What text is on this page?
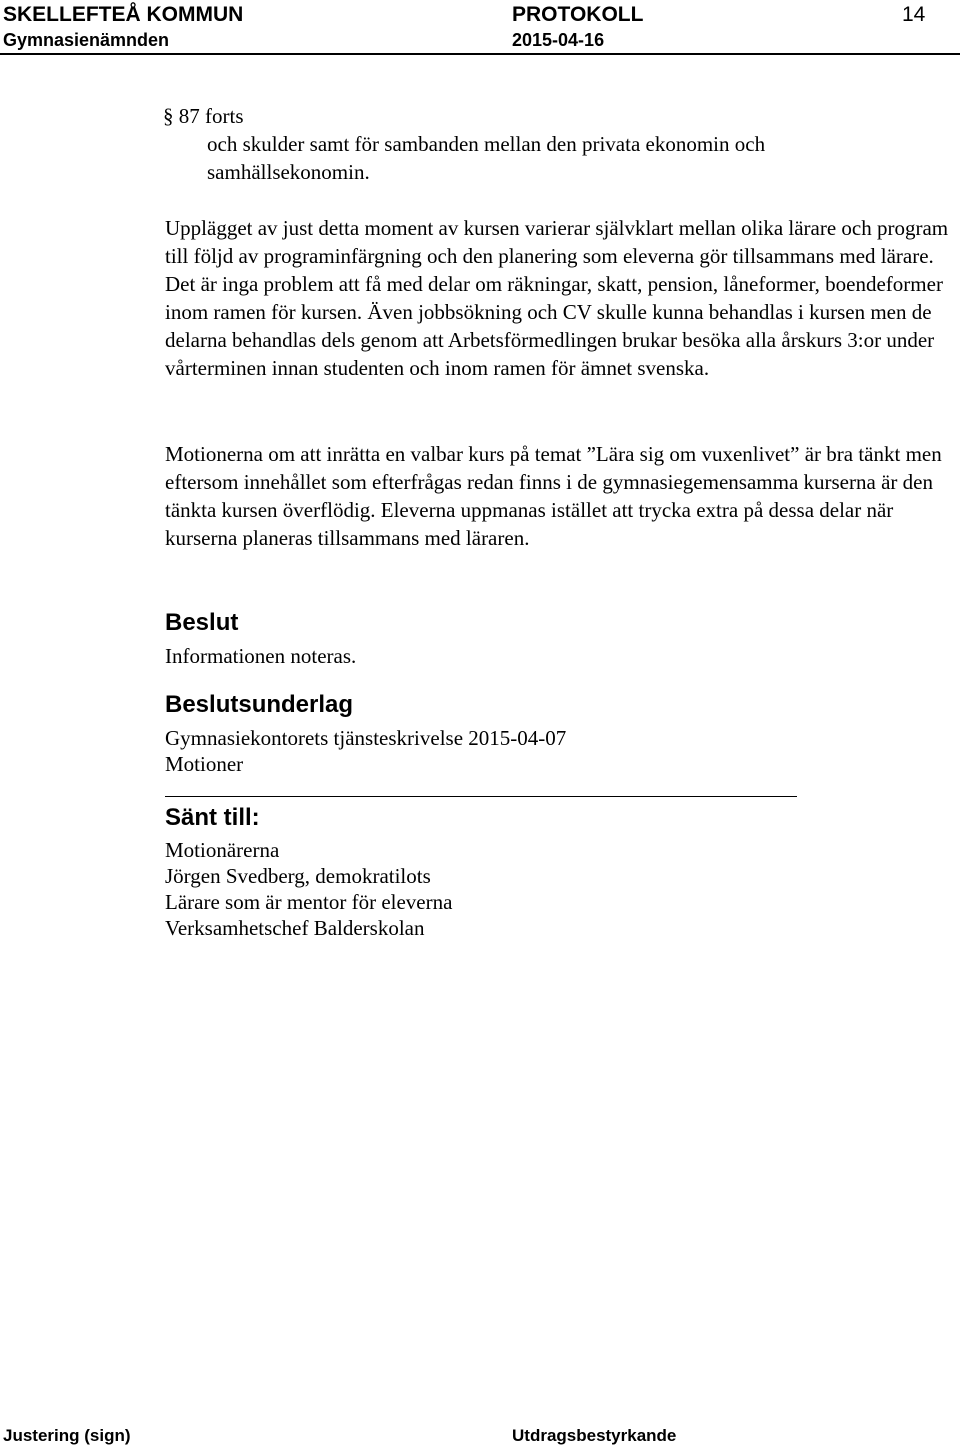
SKELLEFTEÅ KOMMUN	PROTOKOLL	14
Gymnasienämnden	2015-04-16
§ 87 forts
och skulder samt för sambanden mellan den privata ekonomin och samhällsekonomin.
Upplägget av just detta moment av kursen varierar självklart mellan olika lärare och program till följd av programinfärgning och den planering som eleverna gör tillsammans med lärare. Det är inga problem att få med delar om räkningar, skatt, pension, låneformer, boendeformer inom ramen för kursen. Även jobbsökning och CV skulle kunna behandlas i kursen men de delarna behandlas dels genom att Arbetsförmedlingen brukar besöka alla årskurs 3:or under vårterminen innan studenten och inom ramen för ämnet svenska.
Motionerna om att inrätta en valbar kurs på temat ”Lära sig om vuxenlivet” är bra tänkt men eftersom innehållet som efterfrågas redan finns i de gymnasiegemensamma kurserna är den tänkta kursen överflödig. Eleverna uppmanas istället att trycka extra på dessa delar när kurserna planeras tillsammans med läraren.
Beslut
Informationen noteras.
Beslutsunderlag
Gymnasiekontorets tjänsteskrivelse 2015-04-07
Motioner
Sänt till:
Motionärerna
Jörgen Svedberg, demokratilots
Lärare som är mentor för eleverna
Verksamhetschef Balderskolan
Justering (sign)	Utdragsbestyrkande
